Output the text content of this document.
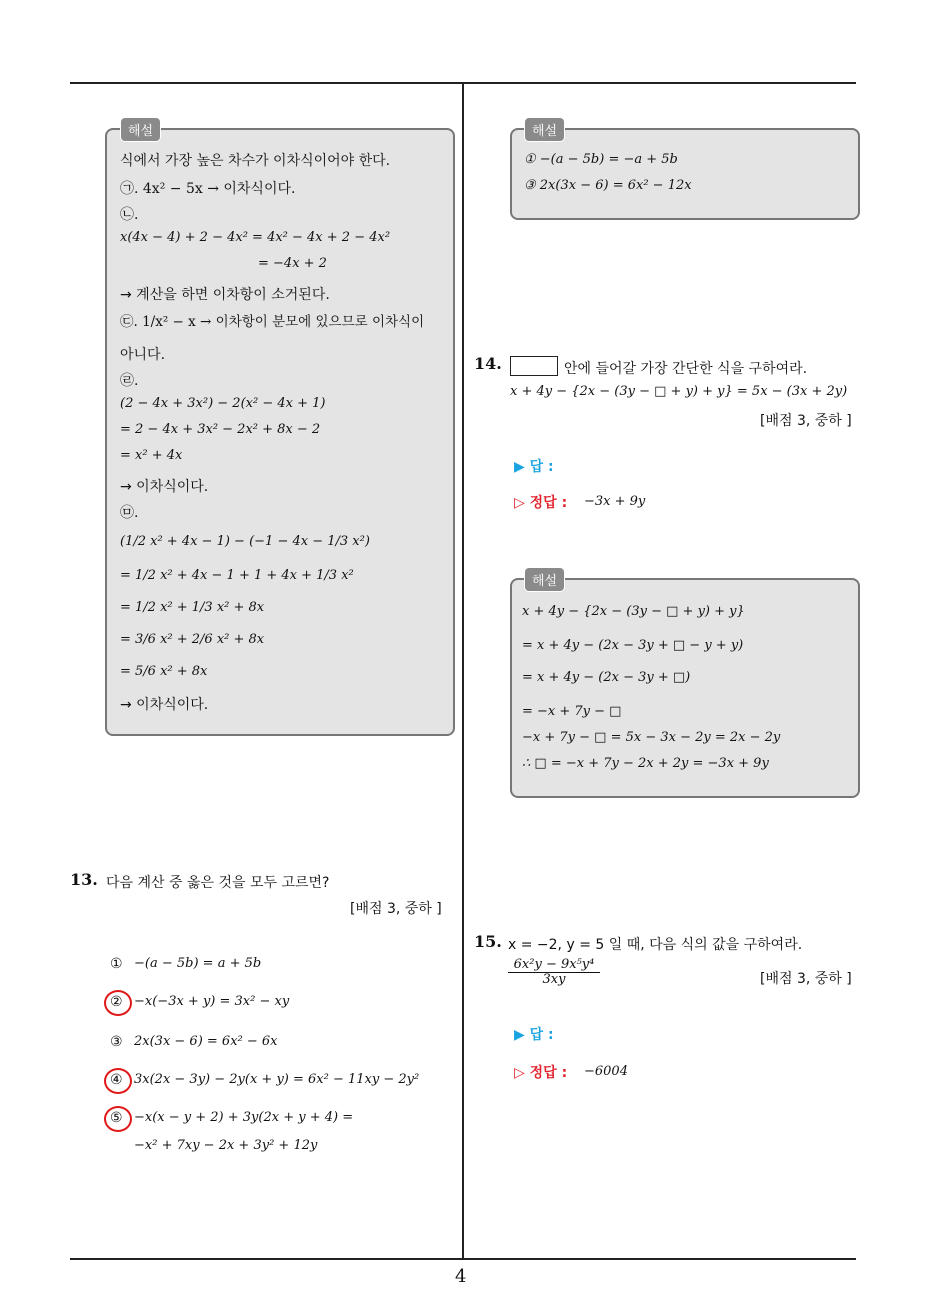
4
해설
식에서 가장 높은 차수가 이차식이어야 한다.
㉠. 4x² − 5x → 이차식이다.
㉡.
x(4x − 4) + 2 − 4x² = 4x² − 4x + 2 − 4x²
= −4x + 2
→ 계산을 하면 이차항이 소거된다.
㉢. 1/x² − x → 이차항이 분모에 있으므로 이차식이
아니다.
㉣.
(2 − 4x + 3x²) − 2(x² − 4x + 1)
= 2 − 4x + 3x² − 2x² + 8x − 2
= x² + 4x
→ 이차식이다.
㉤.
(1/2 x² + 4x − 1) − (−1 − 4x − 1/3 x²)
= 1/2 x² + 4x − 1 + 1 + 4x + 1/3 x²
= 1/2 x² + 1/3 x² + 8x
= 3/6 x² + 2/6 x² + 8x
= 5/6 x² + 8x
→ 이차식이다.
13. 다음 계산 중 옳은 것을 모두 고르면?
[배점 3, 중하 ]
① −(a − 5b) = a + 5b
② −x(−3x + y) = 3x² − xy
③ 2x(3x − 6) = 6x² − 6x
④ 3x(2x − 3y) − 2y(x + y) = 6x² − 11xy − 2y²
⑤ −x(x − y + 2) + 3y(2x + y + 4) =
−x² + 7xy − 2x + 3y² + 12y
해설
① −(a − 5b) = −a + 5b
③ 2x(3x − 6) = 6x² − 12x
14.	안에 들어갈 가장 간단한 식을 구하여라.
x + 4y − {2x − (3y − □ + y) + y} = 5x − (3x + 2y)
[배점 3, 중하 ]
▶ 답 :
▷ 정답 : −3x + 9y
해설
x + 4y − {2x − (3y − □ + y) + y}
= x + 4y − (2x − 3y + □ − y + y)
= x + 4y − (2x − 3y + □)
= −x + 7y − □
−x + 7y − □ = 5x − 3x − 2y = 2x − 2y
∴ □ = −x + 7y − 2x + 2y = −3x + 9y
15. x = −2, y = 5 일 때, 다음 식의 값을 구하여라.
$\frac{\text{6x²y − 9x⁵y⁴}}{3xy}$	[배점 3, 중하 ]
▶ 답 :
▷ 정답 : −6004
